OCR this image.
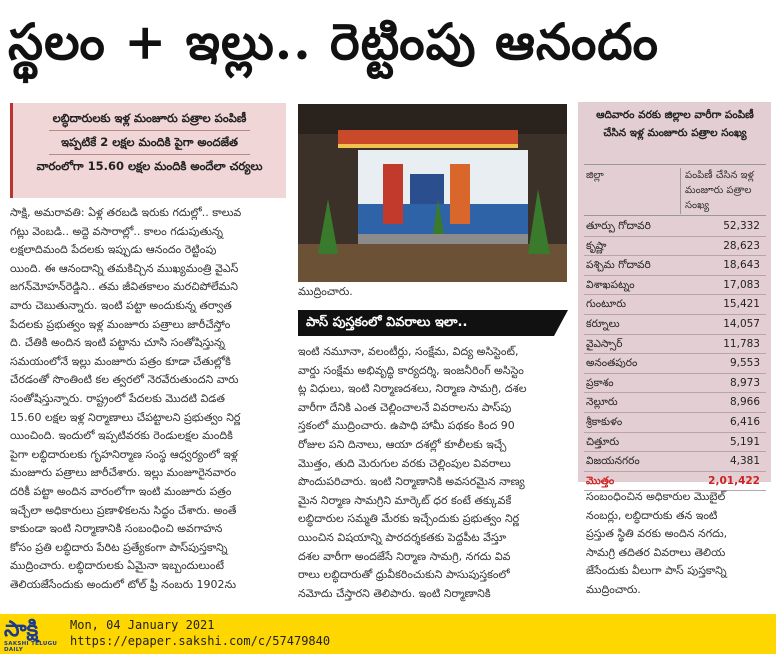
స్థలం + ఇల్లు.. రెట్టింపు ఆనందం
లబ్ధిదారులకు ఇళ్ల మంజూరు పత్రాల పంపిణీ
ఇప్పటికే 2 లక్షల మందికి పైగా అందజేత
వారంలోగా 15.60 లక్షల మందికి అందేలా చర్యలు
సాక్షి, అమరావతి: ఏళ్ల తరబడి ఇరుకు గదుల్లో.. కాలువ
గట్లు వెంబడి.. అద్దె వసారాల్లో.. కాలం గడుపుతున్న
లక్షలాదిమంది పేదలకు ఇప్పుడు ఆనందం రెట్టింపు
యింది. ఈ ఆనందాన్ని తమకిచ్చిన ముఖ్యమంత్రి వైఎస్
జగన్‌మోహన్‌రెడ్డిని.. తమ జీవితకాలం మరచిపోలేమని
వారు చెబుతున్నారు. ఇంటి పట్టా అందుకున్న తర్వాత
పేదలకు ప్రభుత్వం ఇళ్ల మంజూరు పత్రాలు జారీచేస్తోం
ది. చేతికి అందిన ఇంటి పట్టాను చూసి సంతోషిస్తున్న
సమయంలోనే ఇల్లు మంజూరు పత్రం కూడా చేతుల్లోకి
చేరడంతో సొంతింటి కల త్వరలో నెరవేరుతుందని వారు
సంతోషిస్తున్నారు. రాష్ట్రంలో పేదలకు మొదటి విడత
15.60 లక్షల ఇళ్ల నిర్మాణాలు చేపట్టాలని ప్రభుత్వం నిర్ణ
యించింది. ఇందులో ఇప్పటివరకు రెండులక్షల మందికి
పైగా లబ్ధిదారులకు గృహనిర్మాణ సంస్థ ఆధ్వర్యంలో ఇళ్ల
మంజూరు పత్రాలు జారీచేశారు. ఇల్లు మంజూరైనవారం
దరికీ పట్టా అందిన వారంలోగా ఇంటి మంజూరు పత్రం
ఇచ్చేలా అధికారులు ప్రణాళికలను సిద్ధం చేశారు. అంతే
కాకుండా ఇంటి నిర్మాణానికి సంబంధించి అవగాహన
కోసం ప్రతి లబ్ధిదారు పేరిట ప్రత్యేకంగా పాస్‌పుస్తకాన్ని
ముద్రించారు. లబ్ధిదారులకు ఏమైనా ఇబ్బందులుంటే
తెలియజేసేందుకు అందులో టోల్ ఫ్రీ నంబరు 1902ను
ముద్రించారు.
పాస్ పుస్తకంలో వివరాలు ఇలా..
ఇంటి నమూనా, వలంటీర్లు, సంక్షేమ, విద్య అసిస్టెంట్,
వార్డు సంక్షేమ అభివృద్ధి కార్యదర్శి, ఇంజనీరింగ్ అసిస్టెం
ట్ల విధులు, ఇంటి నిర్మాణదశలు, నిర్మాణ సామగ్రి, దశల
వారీగా దేనికి ఎంత చెల్లించాలనే వివరాలను పాస్‌పు
స్తకంలో ముద్రించారు. ఉపాధి హామీ పథకం కింద 90
రోజుల పని దినాలు, ఆయా దశల్లో కూలీలకు ఇచ్చే
మొత్తం, తుది మెరుగుల వరకు చెల్లింపుల వివరాలు
పొందుపరిచారు. ఇంటి నిర్మాణానికి అవసరమైన నాణ్య
మైన నిర్మాణ సామగ్రిని మార్కెట్ ధర కంటే తక్కువకే
లబ్ధిదారుల సమ్మతి మేరకు ఇచ్చేందుకు ప్రభుత్వం నిర్ణ
యించిన విషయాన్ని పారదర్శకతకు పెద్దపీట వేస్తూ
దశల వారీగా అందజేసే నిర్మాణ సామగ్రి, నగదు వివ
రాలు లబ్ధిదారుతో ధ్రువీకరించుకుని పాసుపుస్తకంలో
నమోదు చేస్తారని తెలిపారు. ఇంటి నిర్మాణానికి
ఆదివారం వరకు జిల్లాల వారీగా పంపిణీ చేసిన ఇళ్ల మంజూరు పత్రాల సంఖ్య
జిల్లా	పంపిణీ చేసిన ఇళ్ల మంజూరు పత్రాల సంఖ్య
తూర్పు గోదావరి	52,332
కృష్ణా	28,623
పశ్చిమ గోదావరి	18,643
విశాఖపట్నం	17,083
గుంటూరు	15,421
కర్నూలు	14,057
వైఎస్సార్	11,783
అనంతపురం	9,553
ప్రకాశం	8,973
నెల్లూరు	8,966
శ్రీకాకుళం	6,416
చిత్తూరు	5,191
విజయనగరం	4,381
మొత్తం	2,01,422
సంబంధించిన అధికారుల మొబైల్
నంబర్లు, లబ్ధిదారుకు తన ఇంటి
ప్రస్తుత స్థితి వరకు అందిన నగదు,
సామగ్రి తదితర వివరాలు తెలియ
జేసేందుకు వీలుగా పాస్ పుస్తకాన్ని
ముద్రించారు.
సాక్షి
SAKSHI TELUGU DAILY
Mon, 04 January 2021
https://epaper.sakshi.com/c/57479840
